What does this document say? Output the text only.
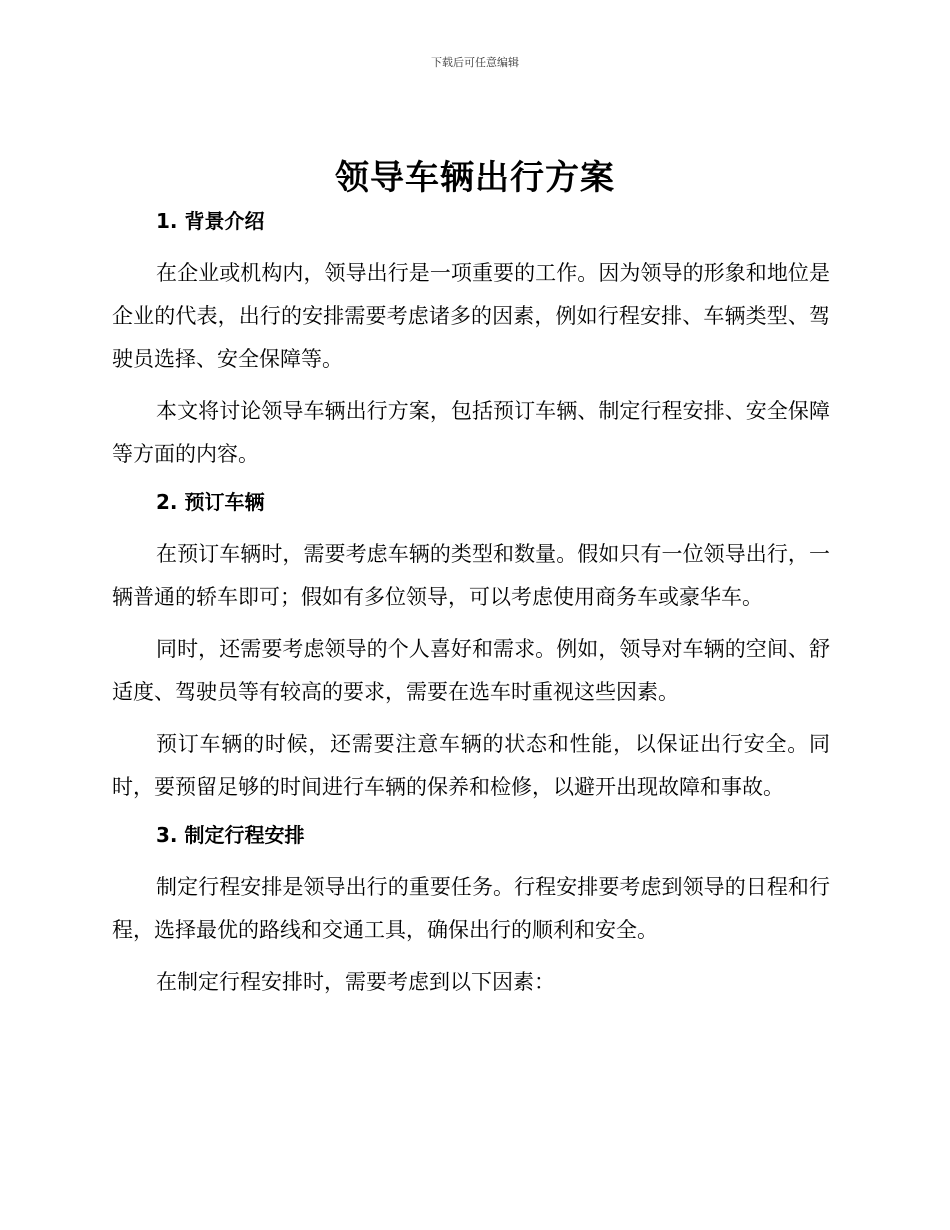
下载后可任意编辑
领导车辆出行方案
1. 背景介绍

在企业或机构内，领导出行是一项重要的工作。因为领导的形象和地位是企业的代表，出行的安排需要考虑诸多的因素，例如行程安排、车辆类型、驾驶员选择、安全保障等。

本文将讨论领导车辆出行方案，包括预订车辆、制定行程安排、安全保障等方面的内容。

2. 预订车辆

在预订车辆时，需要考虑车辆的类型和数量。假如只有一位领导出行，一辆普通的轿车即可；假如有多位领导，可以考虑使用商务车或豪华车。

同时，还需要考虑领导的个人喜好和需求。例如，领导对车辆的空间、舒适度、驾驶员等有较高的要求，需要在选车时重视这些因素。

预订车辆的时候，还需要注意车辆的状态和性能，以保证出行安全。同时，要预留足够的时间进行车辆的保养和检修，以避开出现故障和事故。

3. 制定行程安排

制定行程安排是领导出行的重要任务。行程安排要考虑到领导的日程和行程，选择最优的路线和交通工具，确保出行的顺利和安全。

在制定行程安排时，需要考虑到以下因素：
